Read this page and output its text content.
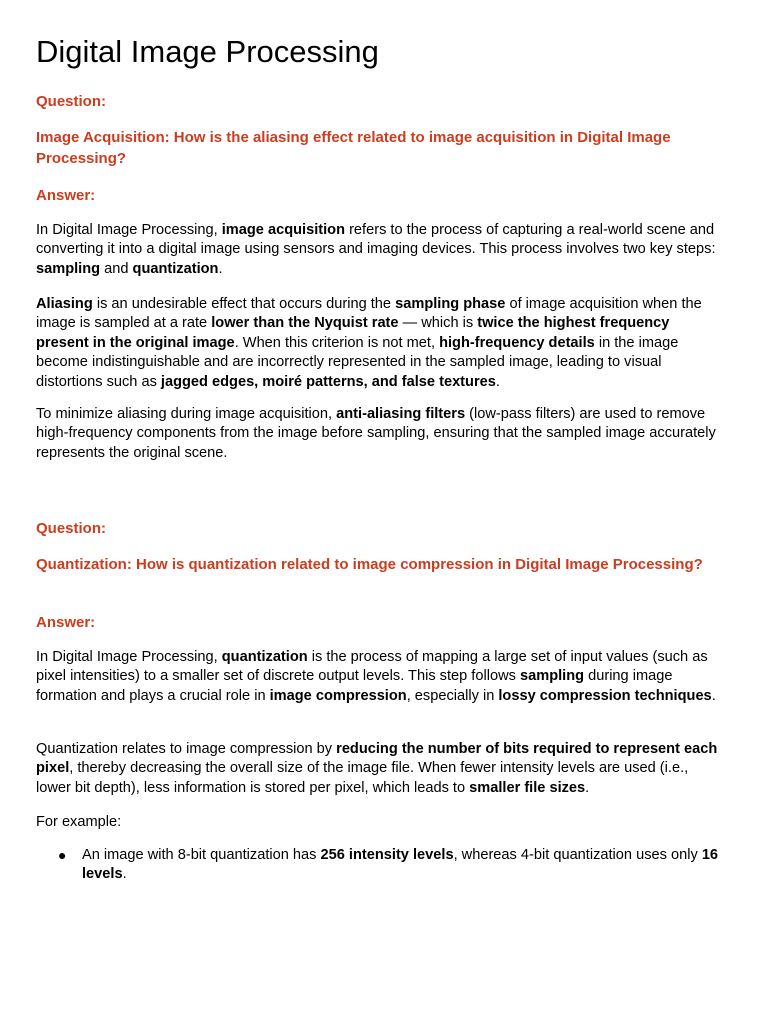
Digital Image Processing
Question:
Image Acquisition: How is the aliasing effect related to image acquisition in Digital Image Processing?
Answer:

In Digital Image Processing, image acquisition refers to the process of capturing a real-world scene and converting it into a digital image using sensors and imaging devices. This process involves two key steps: sampling and quantization.

Aliasing is an undesirable effect that occurs during the sampling phase of image acquisition when the image is sampled at a rate lower than the Nyquist rate — which is twice the highest frequency present in the original image. When this criterion is not met, high-frequency details in the image become indistinguishable and are incorrectly represented in the sampled image, leading to visual distortions such as jagged edges, moiré patterns, and false textures.

To minimize aliasing during image acquisition, anti-aliasing filters (low-pass filters) are used to remove high-frequency components from the image before sampling, ensuring that the sampled image accurately represents the original scene.

Question:
Quantization: How is quantization related to image compression in Digital Image Processing?
Answer:

In Digital Image Processing, quantization is the process of mapping a large set of input values (such as pixel intensities) to a smaller set of discrete output levels. This step follows sampling during image formation and plays a crucial role in image compression, especially in lossy compression techniques.

Quantization relates to image compression by reducing the number of bits required to represent each pixel, thereby decreasing the overall size of the image file. When fewer intensity levels are used (i.e., lower bit depth), less information is stored per pixel, which leads to smaller file sizes.

For example:

● An image with 8-bit quantization has 256 intensity levels, whereas 4-bit quantization uses only 16 levels.
